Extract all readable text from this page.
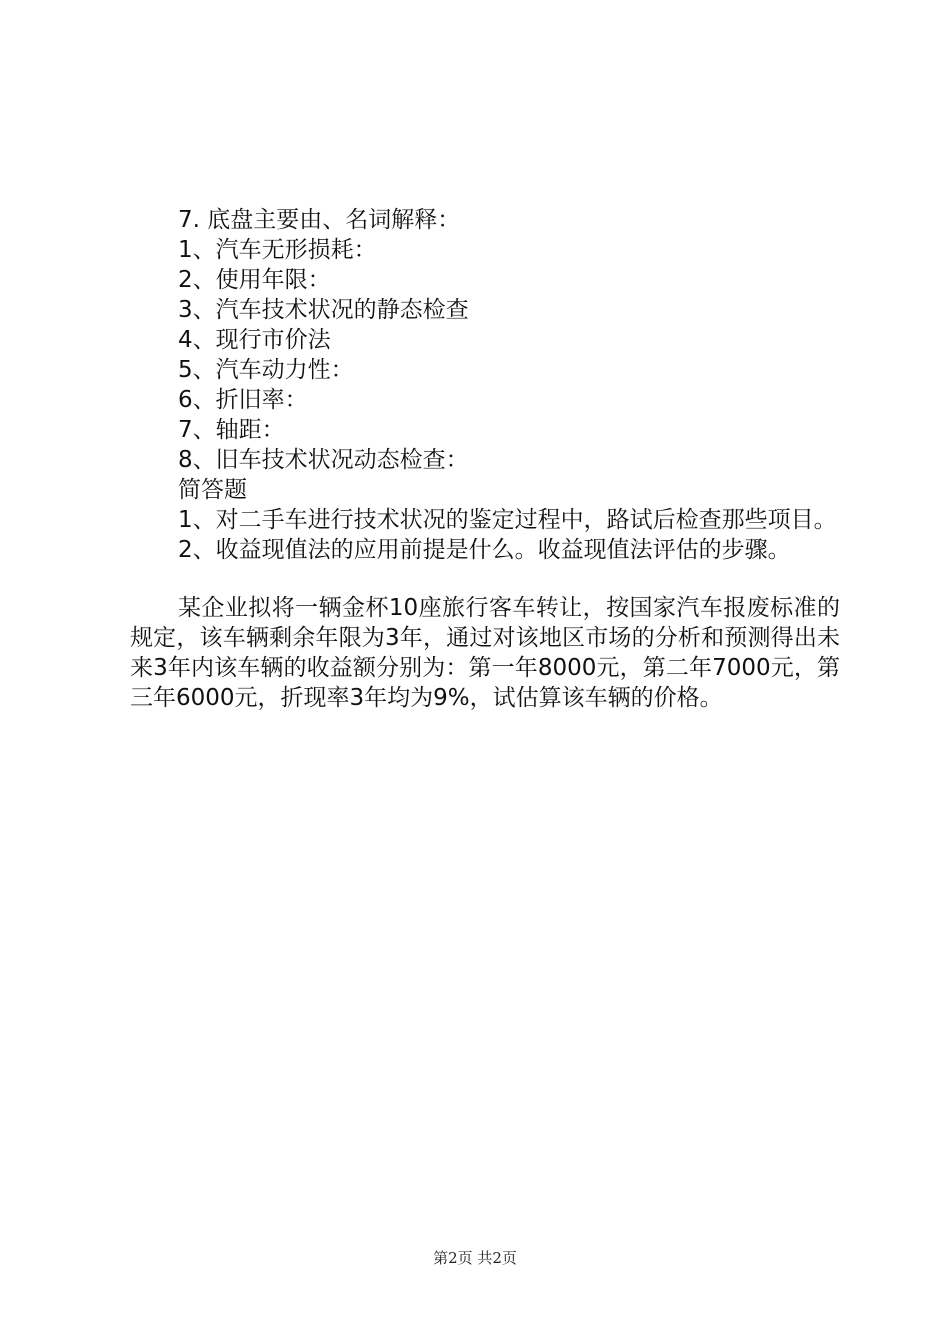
7. 底盘主要由、名词解释：
1、汽车无形损耗：
2、使用年限：
3、汽车技术状况的静态检查
4、现行市价法
5、汽车动力性：
6、折旧率：
7、轴距：
8、旧车技术状况动态检查：
简答题
1、对二手车进行技术状况的鉴定过程中，路试后检查那些项目。
2、收益现值法的应用前提是什么。收益现值法评估的步骤。
某企业拟将一辆金杯10座旅行客车转让，按国家汽车报废标准的规定，该车辆剩余年限为3年，通过对该地区市场的分析和预测得出未来3年内该车辆的收益额分别为：第一年8000元，第二年7000元，第三年6000元，折现率3年均为9%，试估算该车辆的价格。
第2页 共2页
